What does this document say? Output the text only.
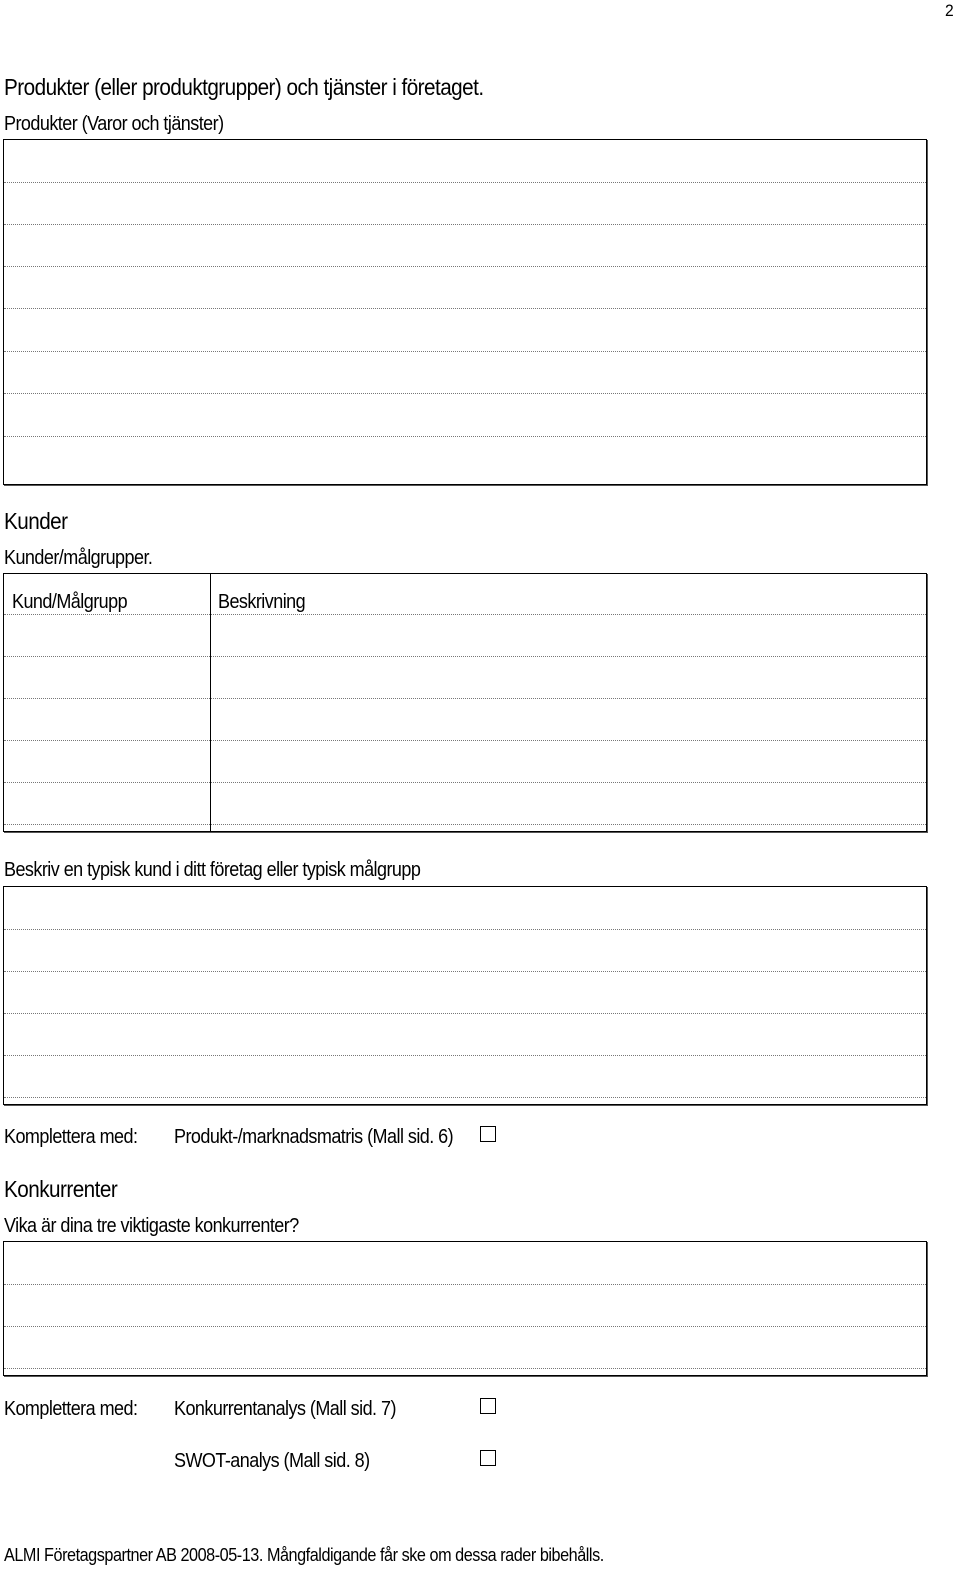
2
Produkter (eller produktgrupper) och tjänster i företaget.
Produkter (Varor och tjänster)
Kunder
Kunder/målgrupper.
Kund/Målgrupp	Beskrivning
Beskriv en typisk kund i ditt företag eller typisk målgrupp
Komplettera med: Produkt-/marknadsmatris (Mall sid. 6)
Konkurrenter
Vika är dina tre viktigaste konkurrenter?
Komplettera med: Konkurrentanalys (Mall sid. 7)
SWOT-analys (Mall sid. 8)
ALMI Företagspartner AB 2008-05-13. Mångfaldigande får ske om dessa rader bibehålls.
